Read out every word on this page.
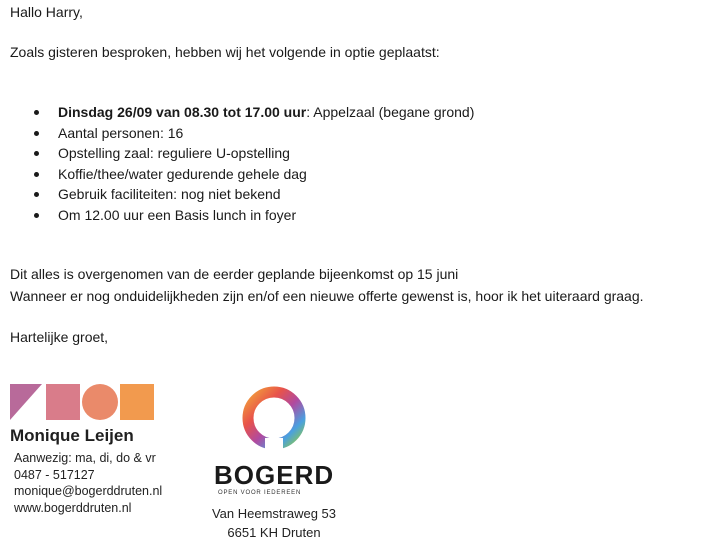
Hallo Harry,

Zoals gisteren besproken, hebben wij het volgende in optie geplaatst:

Dinsdag 26/09 van 08.30 tot 17.00 uur: Appelzaal (begane grond)
Aantal personen: 16
Opstelling zaal: reguliere U-opstelling
Koffie/thee/water gedurende gehele dag
Gebruik faciliteiten: nog niet bekend
Om 12.00 uur een Basis lunch in foyer

Dit alles is overgenomen van de eerder geplande bijeenkomst op 15 juni

Wanneer er nog onduidelijkheden zijn en/of een nieuwe offerte gewenst is, hoor ik het uiteraard graag.

Hartelijke groet,

Monique Leijen
Aanwezig: ma, di, do & vr
0487 - 517127
monique@bogerddruten.nl
www.bogerddruten.nl
BOGERD
OPEN VOOR IEDEREEN
Van Heemstraweg 53
6651 KH Druten
